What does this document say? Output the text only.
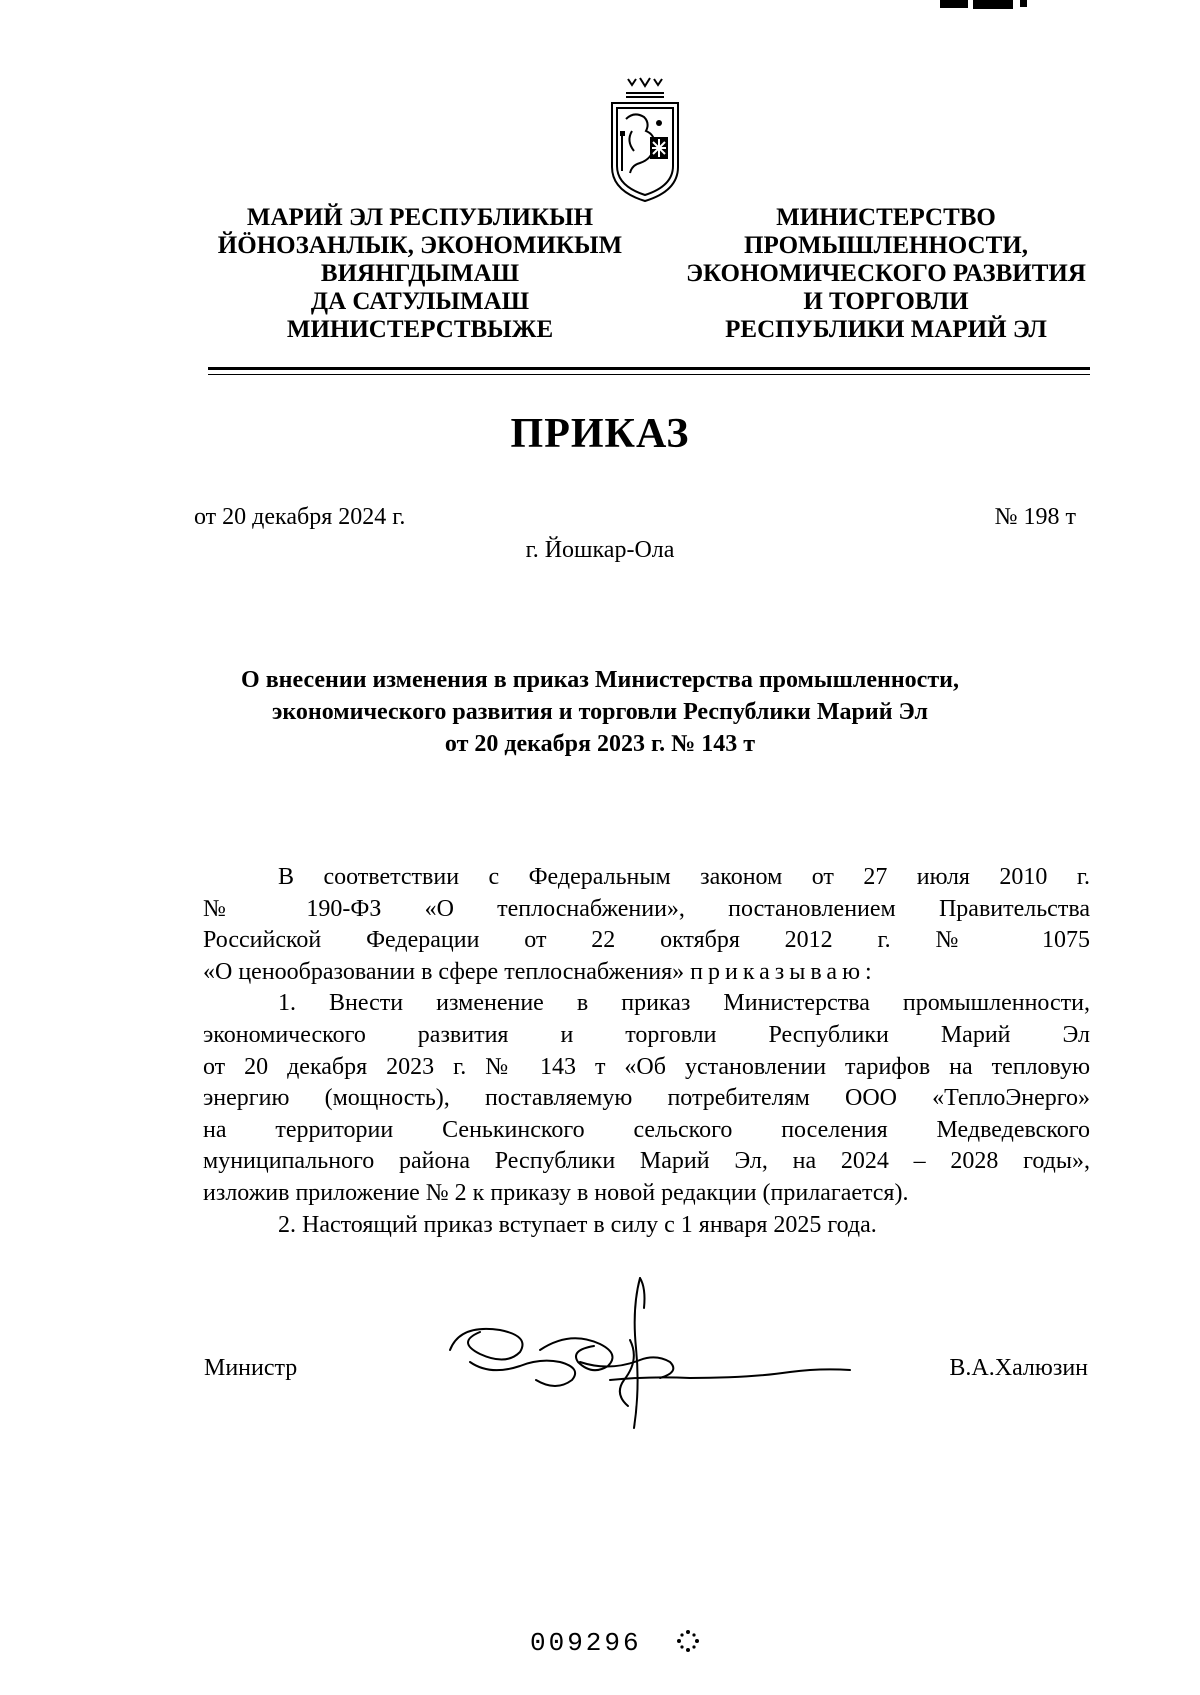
МАРИЙ ЭЛ РЕСПУБЛИКЫН
ЙӦНОЗАНЛЫК, ЭКОНОМИКЫМ
ВИЯНГДЫМАШ
ДА САТУЛЫМАШ
МИНИСТЕРСТВЫЖЕ
МИНИСТЕРСТВО
ПРОМЫШЛЕННОСТИ,
ЭКОНОМИЧЕСКОГО РАЗВИТИЯ
И ТОРГОВЛИ
РЕСПУБЛИКИ МАРИЙ ЭЛ
ПРИКАЗ
от 20 декабря 2024 г.	№ 198 т
г. Йошкар-Ола
О внесении изменения в приказ Министерства промышленности,
экономического развития и торговли Республики Марий Эл
от 20 декабря 2023 г. № 143 т
В соответствии с Федеральным законом от 27 июля 2010 г.
№ 190-ФЗ «О теплоснабжении», постановлением Правительства
Российской Федерации от 22 октября 2012 г. № 1075
«О ценообразовании в сфере теплоснабжения» приказываю:
1. Внести изменение в приказ Министерства промышленности,
экономического развития и торговли Республики Марий Эл
от 20 декабря 2023 г. № 143 т «Об установлении тарифов на тепловую
энергию (мощность), поставляемую потребителям ООО «ТеплоЭнерго»
на территории Сенькинского сельского поселения Медведевского
муниципального района Республики Марий Эл, на 2024 – 2028 годы»,
изложив приложение № 2 к приказу в новой редакции (прилагается).
2. Настоящий приказ вступает в силу с 1 января 2025 года.
Министр	В.А.Халюзин
009296
